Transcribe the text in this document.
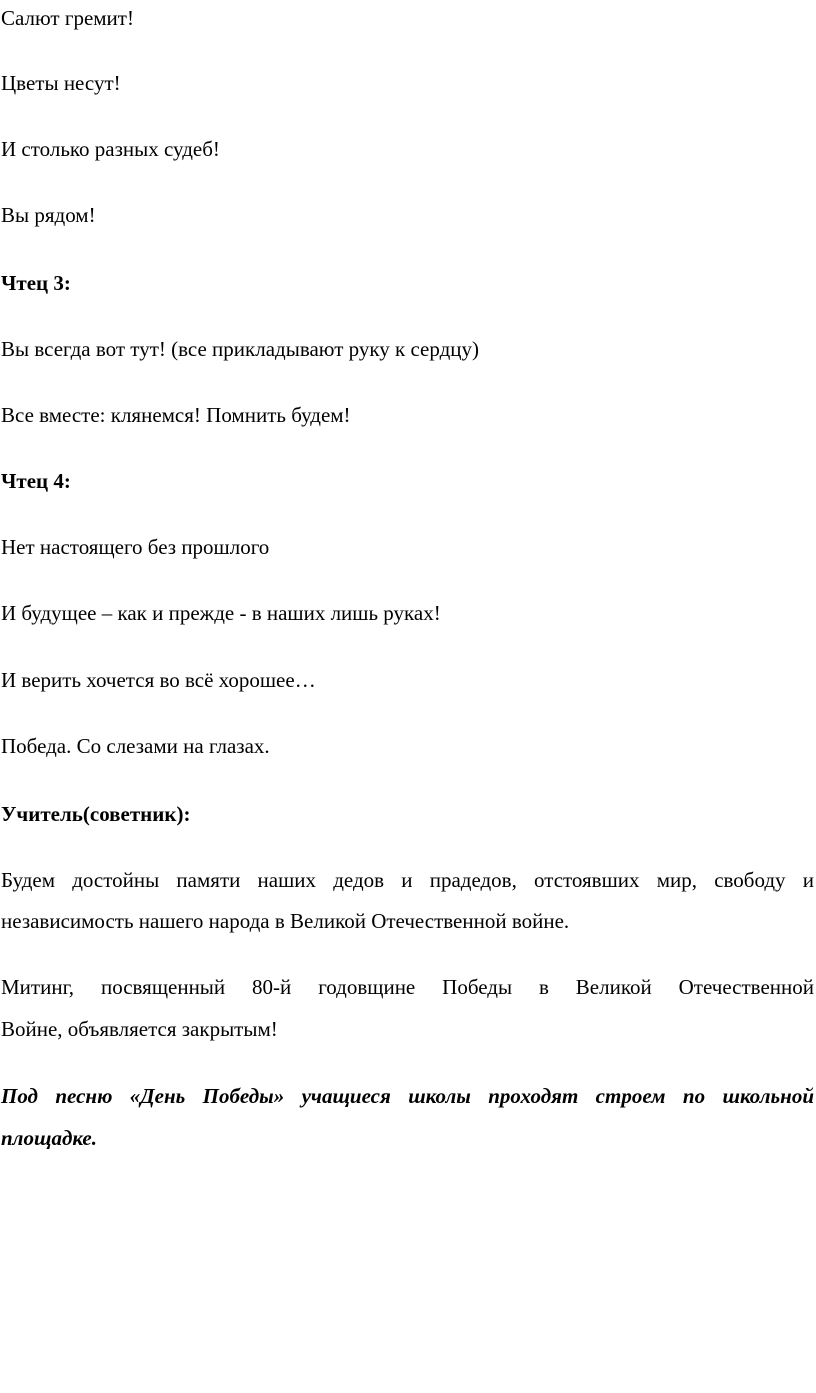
Салют гремит!

Цветы несут!

И столько разных судеб!

Вы рядом!

Чтец 3:

Вы всегда вот тут! (все прикладывают руку к сердцу)

Все вместе: клянемся! Помнить будем!

Чтец 4:

Нет настоящего без прошлого

И будущее – как и прежде - в наших лишь руках!

И верить хочется во всё хорошее…

Победа. Со слезами на глазах.

Учитель(советник):

Будем достойны памяти наших дедов и прадедов, отстоявших мир, свободу и

независимость нашего народа в Великой Отечественной войне.

Митинг, посвященный 80-й годовщине Победы в Великой Отечественной

Войне, объявляется закрытым!

Под песню «День Победы» учащиеся школы проходят строем по школьной

площадке.
